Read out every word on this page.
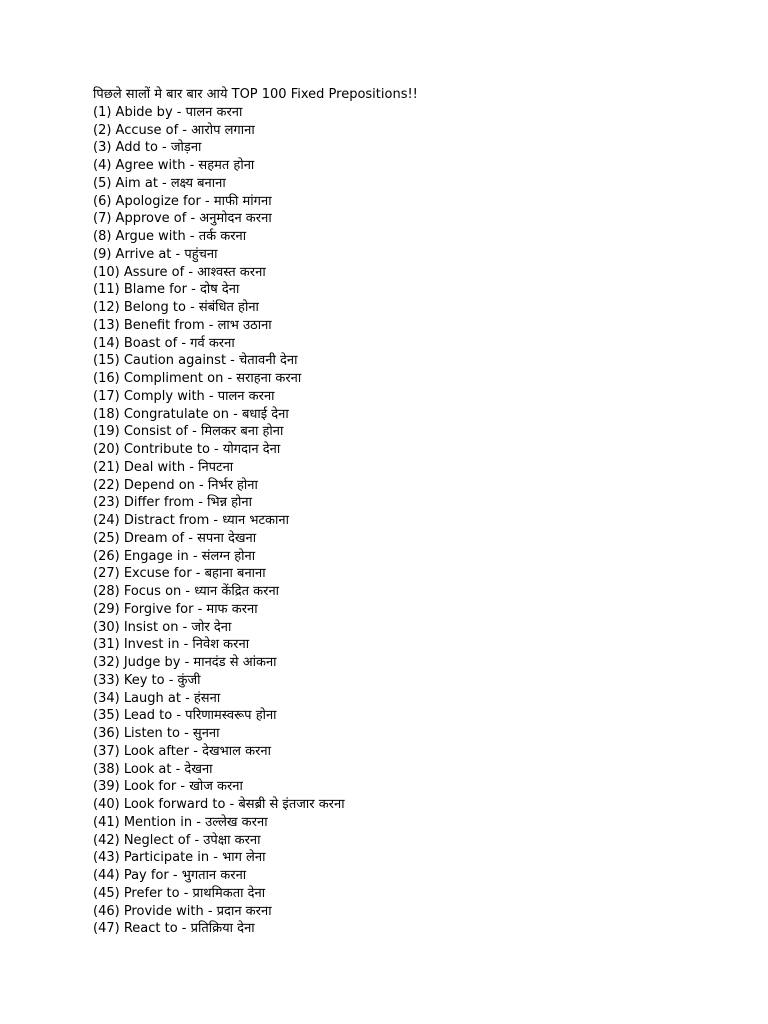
पिछले सालों मे बार बार आये TOP 100 Fixed Prepositions!!
(1) Abide by - पालन करना
(2) Accuse of - आरोप लगाना
(3) Add to - जोड़ना
(4) Agree with - सहमत होना
(5) Aim at - लक्ष्य बनाना
(6) Apologize for - माफी मांगना
(7) Approve of - अनुमोदन करना
(8) Argue with - तर्क करना
(9) Arrive at - पहुंचना
(10) Assure of - आश्वस्त करना
(11) Blame for - दोष देना
(12) Belong to - संबंधित होना
(13) Benefit from - लाभ उठाना
(14) Boast of - गर्व करना
(15) Caution against - चेतावनी देना
(16) Compliment on - सराहना करना
(17) Comply with - पालन करना
(18) Congratulate on - बधाई देना
(19) Consist of - मिलकर बना होना
(20) Contribute to - योगदान देना
(21) Deal with - निपटना
(22) Depend on - निर्भर होना
(23) Differ from - भिन्न होना
(24) Distract from - ध्यान भटकाना
(25) Dream of - सपना देखना
(26) Engage in - संलग्न होना
(27) Excuse for - बहाना बनाना
(28) Focus on - ध्यान केंद्रित करना
(29) Forgive for - माफ करना
(30) Insist on - जोर देना
(31) Invest in - निवेश करना
(32) Judge by - मानदंड से आंकना
(33) Key to - कुंजी
(34) Laugh at - हंसना
(35) Lead to - परिणामस्वरूप होना
(36) Listen to - सुनना
(37) Look after - देखभाल करना
(38) Look at - देखना
(39) Look for - खोज करना
(40) Look forward to - बेसब्री से इंतजार करना
(41) Mention in - उल्लेख करना
(42) Neglect of - उपेक्षा करना
(43) Participate in - भाग लेना
(44) Pay for - भुगतान करना
(45) Prefer to - प्राथमिकता देना
(46) Provide with - प्रदान करना
(47) React to - प्रतिक्रिया देना
